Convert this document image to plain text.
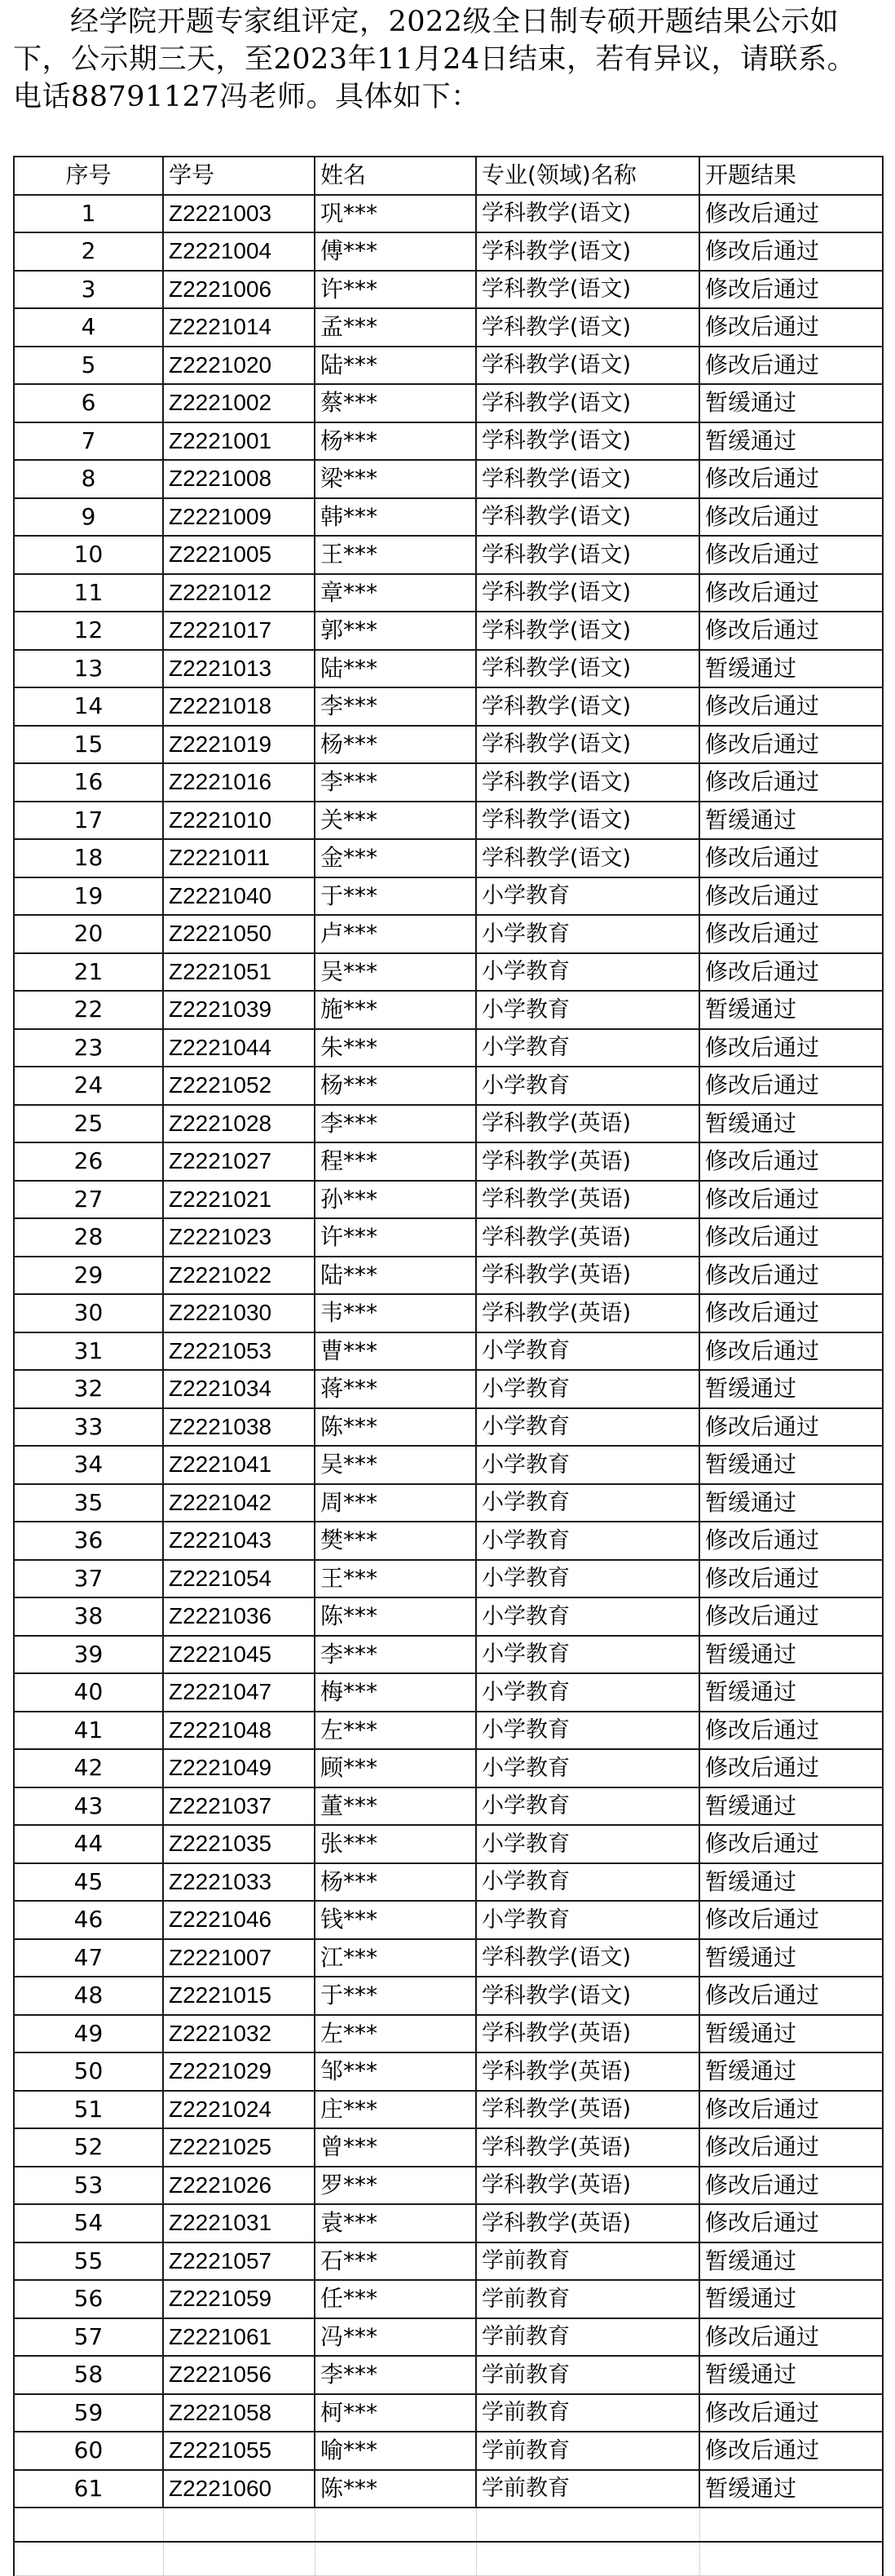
经学院开题专家组评定，2022级全日制专硕开题结果公示如下，公示期三天，至2023年11月24日结束，若有异议，请联系。电话88791127冯老师。具体如下：
序号	学号	姓名	专业(领域)名称	开题结果
1	Z2221003	巩***	学科教学(语文)	修改后通过
2	Z2221004	傅***	学科教学(语文)	修改后通过
3	Z2221006	许***	学科教学(语文)	修改后通过
4	Z2221014	孟***	学科教学(语文)	修改后通过
5	Z2221020	陆***	学科教学(语文)	修改后通过
6	Z2221002	蔡***	学科教学(语文)	暂缓通过
7	Z2221001	杨***	学科教学(语文)	暂缓通过
8	Z2221008	梁***	学科教学(语文)	修改后通过
9	Z2221009	韩***	学科教学(语文)	修改后通过
10	Z2221005	王***	学科教学(语文)	修改后通过
11	Z2221012	章***	学科教学(语文)	修改后通过
12	Z2221017	郭***	学科教学(语文)	修改后通过
13	Z2221013	陆***	学科教学(语文)	暂缓通过
14	Z2221018	李***	学科教学(语文)	修改后通过
15	Z2221019	杨***	学科教学(语文)	修改后通过
16	Z2221016	李***	学科教学(语文)	修改后通过
17	Z2221010	关***	学科教学(语文)	暂缓通过
18	Z2221011	金***	学科教学(语文)	修改后通过
19	Z2221040	于***	小学教育	修改后通过
20	Z2221050	卢***	小学教育	修改后通过
21	Z2221051	吴***	小学教育	修改后通过
22	Z2221039	施***	小学教育	暂缓通过
23	Z2221044	朱***	小学教育	修改后通过
24	Z2221052	杨***	小学教育	修改后通过
25	Z2221028	李***	学科教学(英语)	暂缓通过
26	Z2221027	程***	学科教学(英语)	修改后通过
27	Z2221021	孙***	学科教学(英语)	修改后通过
28	Z2221023	许***	学科教学(英语)	修改后通过
29	Z2221022	陆***	学科教学(英语)	修改后通过
30	Z2221030	韦***	学科教学(英语)	修改后通过
31	Z2221053	曹***	小学教育	修改后通过
32	Z2221034	蒋***	小学教育	暂缓通过
33	Z2221038	陈***	小学教育	修改后通过
34	Z2221041	吴***	小学教育	暂缓通过
35	Z2221042	周***	小学教育	暂缓通过
36	Z2221043	樊***	小学教育	修改后通过
37	Z2221054	王***	小学教育	修改后通过
38	Z2221036	陈***	小学教育	修改后通过
39	Z2221045	李***	小学教育	暂缓通过
40	Z2221047	梅***	小学教育	暂缓通过
41	Z2221048	左***	小学教育	修改后通过
42	Z2221049	顾***	小学教育	修改后通过
43	Z2221037	董***	小学教育	暂缓通过
44	Z2221035	张***	小学教育	修改后通过
45	Z2221033	杨***	小学教育	暂缓通过
46	Z2221046	钱***	小学教育	修改后通过
47	Z2221007	江***	学科教学(语文)	暂缓通过
48	Z2221015	于***	学科教学(语文)	修改后通过
49	Z2221032	左***	学科教学(英语)	暂缓通过
50	Z2221029	邹***	学科教学(英语)	暂缓通过
51	Z2221024	庄***	学科教学(英语)	修改后通过
52	Z2221025	曾***	学科教学(英语)	修改后通过
53	Z2221026	罗***	学科教学(英语)	修改后通过
54	Z2221031	袁***	学科教学(英语)	修改后通过
55	Z2221057	石***	学前教育	暂缓通过
56	Z2221059	任***	学前教育	暂缓通过
57	Z2221061	冯***	学前教育	修改后通过
58	Z2221056	李***	学前教育	暂缓通过
59	Z2221058	柯***	学前教育	修改后通过
60	Z2221055	喻***	学前教育	修改后通过
61	Z2221060	陈***	学前教育	暂缓通过
